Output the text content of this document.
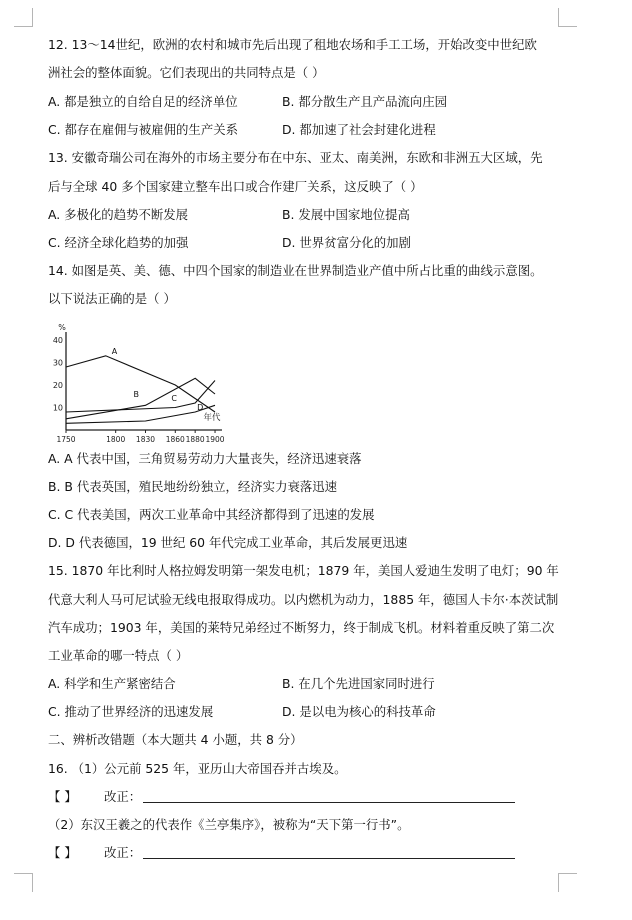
12. 13～14世纪，欧洲的农村和城市先后出现了租地农场和手工工场，开始改变中世纪欧
洲社会的整体面貌。它们表现出的共同特点是（ ）
A. 都是独立的自给自足的经济单位	B. 都分散生产且产品流向庄园
C. 都存在雇佣与被雇佣的生产关系	D. 都加速了社会封建化进程
13. 安徽奇瑞公司在海外的市场主要分布在中东、亚太、南美洲，东欧和非洲五大区域，先
后与全球 40 多个国家建立整车出口或合作建厂关系，这反映了（ ）
A. 多极化的趋势不断发展	B. 发展中国家地位提高
C. 经济全球化趋势的加强	D. 世界贫富分化的加剧
14. 如图是英、美、德、中四个国家的制造业在世界制造业产值中所占比重的曲线示意图。
以下说法正确的是（ ）
%
40
30
20
10
1750	1800 1830 1860 1880 1900
年代
A
B	C
D
A. A 代表中国，三角贸易劳动力大量丧失，经济迅速衰落
B. B 代表英国，殖民地纷纷独立，经济实力衰落迅速
C. C 代表美国，两次工业革命中其经济都得到了迅速的发展
D. D 代表德国，19 世纪 60 年代完成工业革命，其后发展更迅速
15. 1870 年比利时人格拉姆发明第一架发电机；1879 年，美国人爱迪生发明了电灯；90 年
代意大利人马可尼试验无线电报取得成功。以内燃机为动力，1885 年，德国人卡尔·本茨试制
汽车成功；1903 年，美国的莱特兄弟经过不断努力，终于制成飞机。材料着重反映了第二次
工业革命的哪一特点（ ）
A. 科学和生产紧密结合	B. 在几个先进国家同时进行
C. 推动了世界经济的迅速发展	D. 是以电为核心的科技革命
二、辨析改错题（本大题共 4 小题，共 8 分）
16. （1）公元前 525 年，亚历山大帝国吞并古埃及。
【 】 改正：
（2）东汉王羲之的代表作《兰亭集序》，被称为“天下第一行书”。
【 】 改正：
